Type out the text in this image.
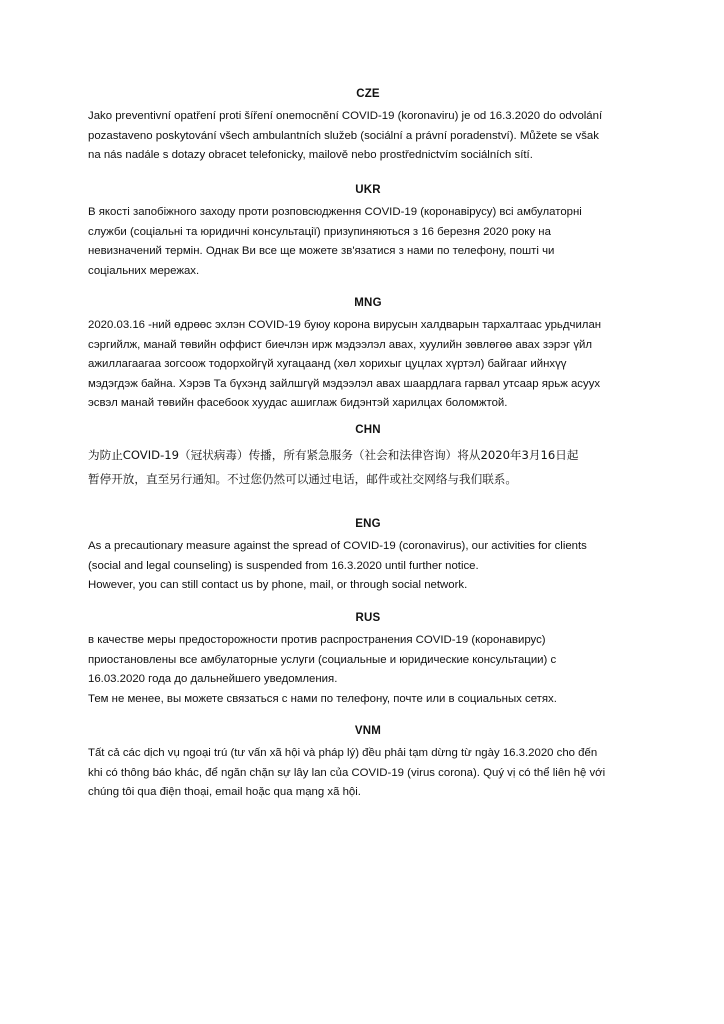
CZE

Jako preventivní opatření proti šíření onemocnění COVID-19 (koronaviru) je od 16.3.2020 do odvolání
pozastaveno poskytování všech ambulantních služeb (sociální a právní poradenství). Můžete se však
na nás nadále s dotazy obracet telefonicky, mailově nebo prostřednictvím sociálních sítí.

UKR

В якості запобіжного заходу проти розповсюдження COVID-19 (коронавірусу) всі амбулаторні
служби (соціальні та юридичні консультації) призупиняються з 16 березня 2020 року на
невизначений термін. Однак Ви все ще можете зв'язатися з нами по телефону, пошті чи
соціальних мережах.

MNG

2020.03.16 -ний өдрөөс эхлэн COVID-19 буюу корона вирусын халдварын тархалтаас урьдчилан
сэргийлж, манай төвийн оффист биечлэн ирж мэдээлэл авах, хуулийн зөвлөгөө авах зэрэг үйл
ажиллагаагаа зогсоож тодорхойгүй хугацаанд (хөл хорихыг цуцлах хүртэл) байгааг ийнхүү
мэдэгдэж байна. Хэрэв Та бүхэнд зайлшгүй мэдээлэл авах шаардлага гарвал утсаар ярьж асуух
эсвэл манай төвийн фасебоок хуудас ашиглаж бидэнтэй харилцах боломжтой.

CHN

为防止COVID-19（冠状病毒）传播，所有紧急服务（社会和法律咨询）将从2020年3月16日起
暂停开放，直至另行通知。不过您仍然可以通过电话，邮件或社交网络与我们联系。

ENG

As a precautionary measure against the spread of COVID-19 (coronavirus), our activities for clients
(social and legal counseling) is suspended from 16.3.2020 until further notice.
However, you can still contact us by phone, mail, or through social network.

RUS

в качестве меры предосторожности против распространения COVID-19 (коронавирус)
приостановлены все амбулаторные услуги (социальные и юридические консультации) с
16.03.2020 года до дальнейшего уведомления.
Тем не менее, вы можете связаться с нами по телефону, почте или в социальных сетях.

VNM

Tất cả các dịch vụ ngoại trú (tư vấn xã hội và pháp lý) đều phải tạm dừng từ ngày 16.3.2020 cho đến
khi có thông báo khác, để ngăn chặn sự lây lan của COVID-19 (virus corona). Quý vị có thể liên hệ với
chúng tôi qua điện thoại, email hoặc qua mạng xã hội.
